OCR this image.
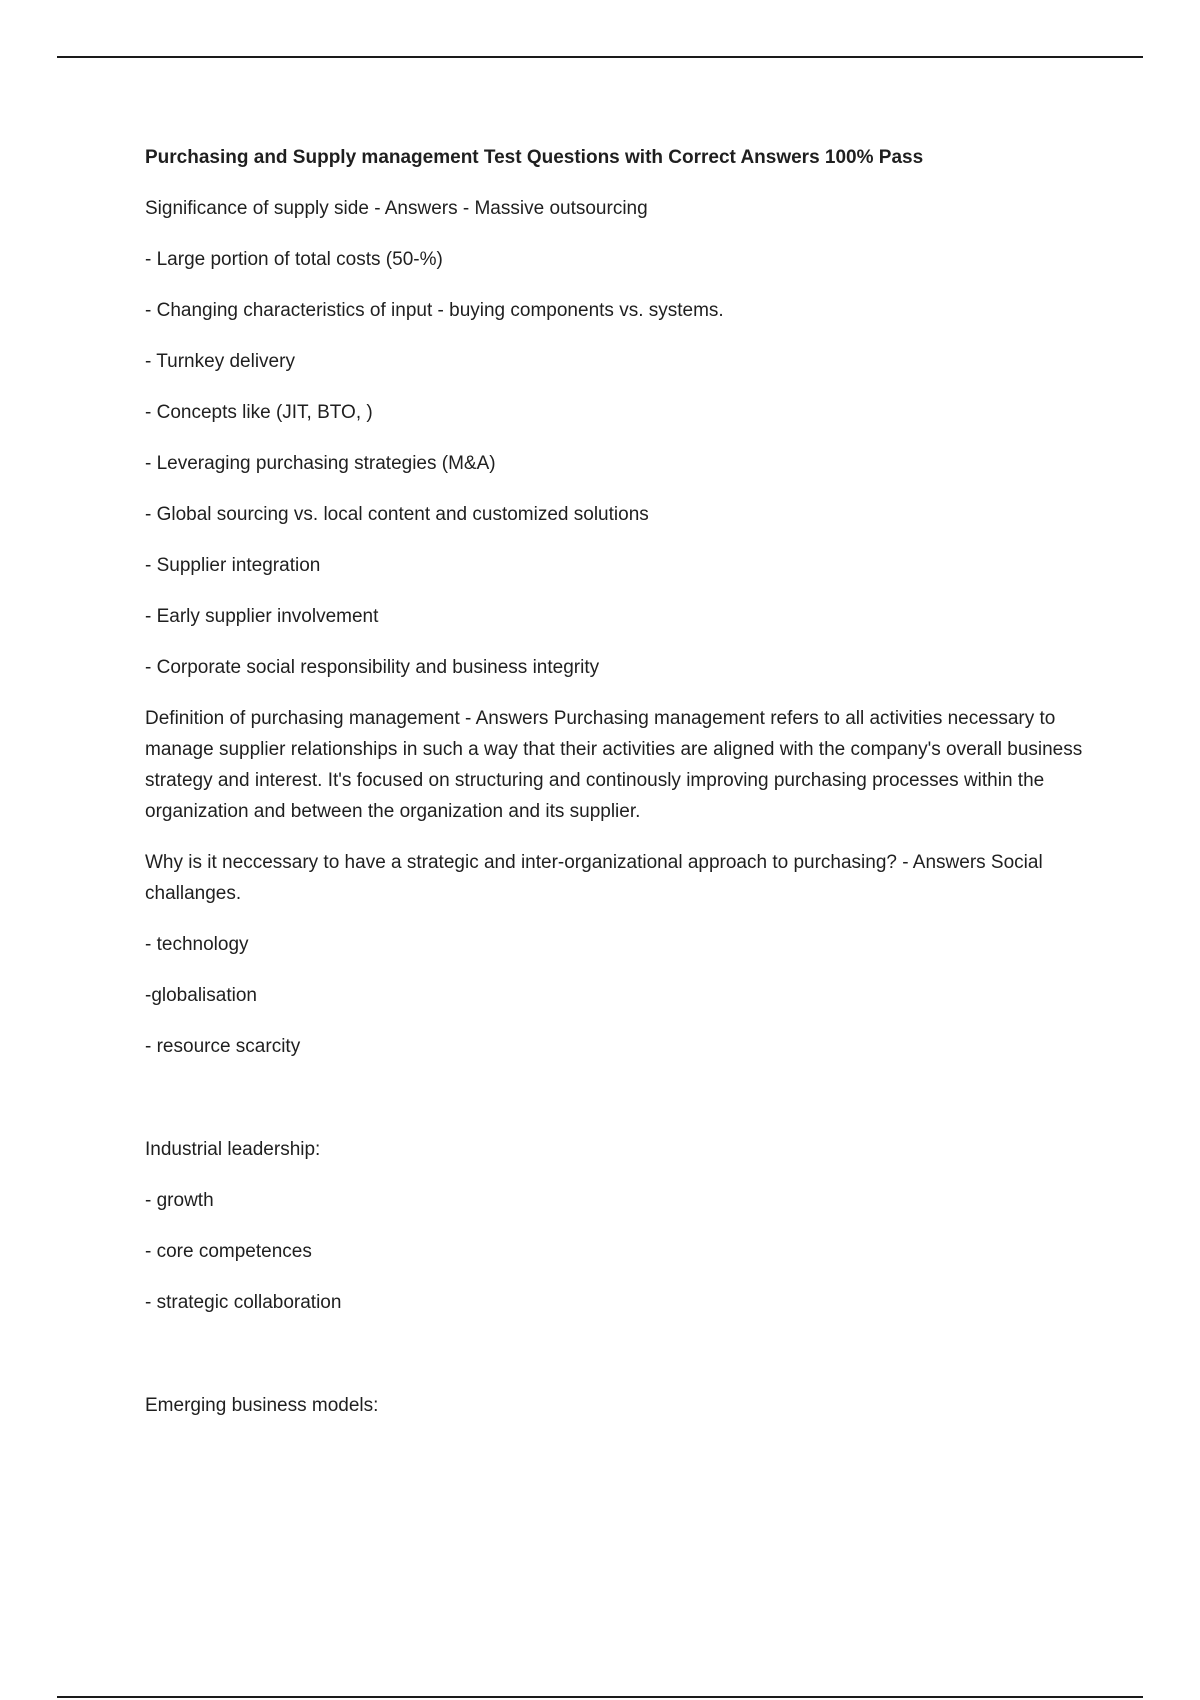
Purchasing and Supply management Test Questions with Correct Answers 100% Pass
Significance of supply side - Answers - Massive outsourcing
- Large portion of total costs (50-%)
- Changing characteristics of input - buying components vs. systems.
- Turnkey delivery
- Concepts like (JIT, BTO, )
- Leveraging purchasing strategies (M&A)
- Global sourcing vs. local content and customized solutions
- Supplier integration
- Early supplier involvement
- Corporate social responsibility and business integrity
Definition of purchasing management - Answers Purchasing management refers to all activities necessary to manage supplier relationships in such a way that their activities are aligned with the company's overall business strategy and interest. It's focused on structuring and continously improving purchasing processes within the organization and between the organization and its supplier.
Why is it neccessary to have a strategic and inter-organizational approach to purchasing? - Answers Social challanges.
- technology
-globalisation
- resource scarcity
Industrial leadership:
- growth
- core competences
- strategic collaboration
Emerging business models:
